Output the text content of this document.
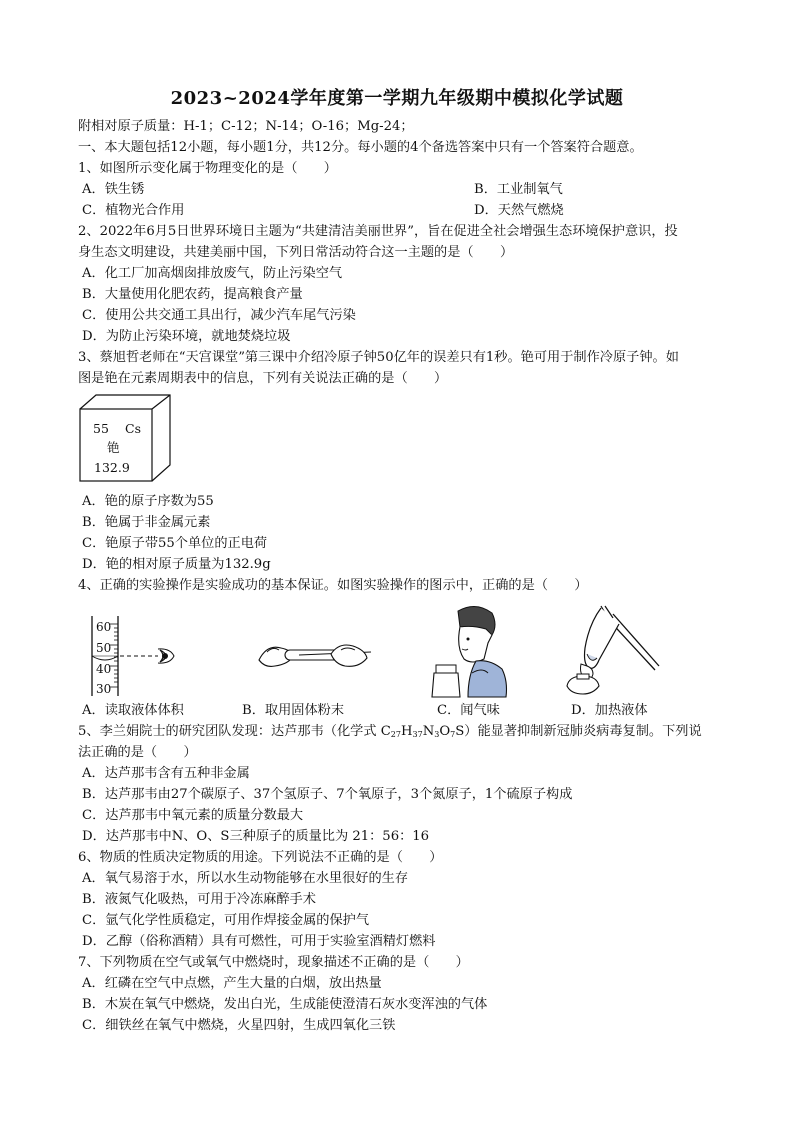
2023~2024学年度第一学期九年级期中模拟化学试题
附相对原子质量：H-1；C-12；N-14；O-16；Mg-24；
一、本大题包括12小题，每小题1分，共12分。每小题的4个备选答案中只有一个答案符合题意。
1、如图所示变化属于物理变化的是（　　）
A．铁生锈	B．工业制氧气
C．植物光合作用	D．天然气燃烧
2、2022年6月5日世界环境日主题为“共建清洁美丽世界”，旨在促进全社会增强生态环境保护意识，投
身生态文明建设，共建美丽中国，下列日常活动符合这一主题的是（　　）
A．化工厂加高烟囱排放废气，防止污染空气
B．大量使用化肥农药，提高粮食产量
C．使用公共交通工具出行，减少汽车尾气污染
D．为防止污染环境，就地焚烧垃圾
3、蔡旭哲老师在“天宫课堂”第三课中介绍冷原子钟50亿年的误差只有1秒。铯可用于制作冷原子钟。如
图是铯在元素周期表中的信息，下列有关说法正确的是（　　）
55 Cs
铯
132.9
A．铯的原子序数为55
B．铯属于非金属元素
C．铯原子带55个单位的正电荷
D．铯的相对原子质量为132.9g
4、正确的实验操作是实验成功的基本保证。如图实验操作的图示中，正确的是（　　）
60
50
40
30
A．读取液体体积	B．取用固体粉末	C．闻气味	D．加热液体
5、李兰娟院士的研究团队发现：达芦那韦（化学式 $C_{27}H_{37}N_3O_7S$）能显著抑制新冠肺炎病毒复制。下列说
法正确的是（　　）
A．达芦那韦含有五种非金属
B．达芦那韦由27个碳原子、37个氢原子、7个氧原子，3个氮原子，1个硫原子构成
C．达芦那韦中氧元素的质量分数最大
D．达芦那韦中N、O、S三种原子的质量比为 21：56：16
6、物质的性质决定物质的用途。下列说法不正确的是（　　）
A．氧气易溶于水，所以水生动物能够在水里很好的生存
B．液氮气化吸热，可用于冷冻麻醉手术
C．氩气化学性质稳定，可用作焊接金属的保护气
D．乙醇（俗称酒精）具有可燃性，可用于实验室酒精灯燃料
7、下列物质在空气或氧气中燃烧时，现象描述不正确的是（　　）
A．红磷在空气中点燃，产生大量的白烟，放出热量
B．木炭在氧气中燃烧，发出白光，生成能使澄清石灰水变浑浊的气体
C．细铁丝在氧气中燃烧，火星四射，生成四氧化三铁
